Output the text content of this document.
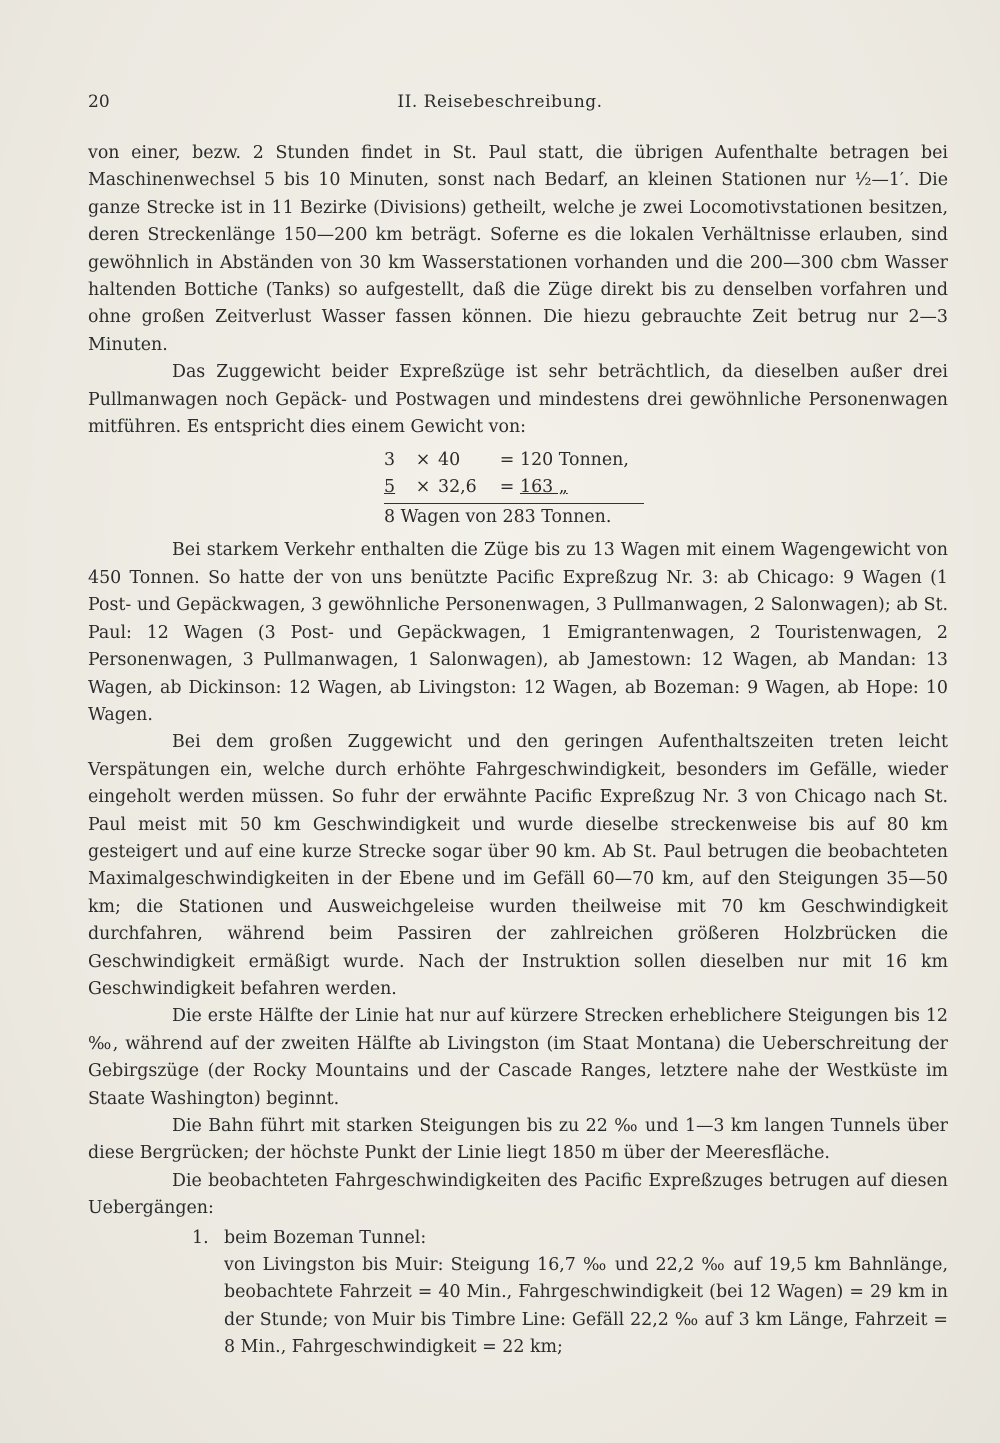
20	II. Reisebeschreibung.

von einer, bezw. 2 Stunden findet in St. Paul statt, die übrigen Aufenthalte betragen bei Maschinenwechsel 5 bis 10 Minuten, sonst nach Bedarf, an kleinen Stationen nur ½—1′. Die ganze Strecke ist in 11 Bezirke (Divisions) getheilt, welche je zwei Locomotivstationen besitzen, deren Streckenlänge 150—200 km beträgt. Soferne es die lokalen Verhältnisse erlauben, sind gewöhnlich in Abständen von 30 km Wasserstationen vorhanden und die 200—300 cbm Wasser haltenden Bottiche (Tanks) so aufgestellt, daß die Züge direkt bis zu denselben vorfahren und ohne großen Zeitverlust Wasser fassen können. Die hiezu gebrauchte Zeit betrug nur 2—3 Minuten.

Das Zuggewicht beider Expreßzüge ist sehr beträchtlich, da dieselben außer drei Pullmanwagen noch Gepäck- und Postwagen und mindestens drei gewöhnliche Personenwagen mitführen. Es entspricht dies einem Gewicht von:

3	× 40	= 120 Tonnen,
5	× 32,6	= 163 „
8 Wagen von 283 Tonnen.

Bei starkem Verkehr enthalten die Züge bis zu 13 Wagen mit einem Wagengewicht von 450 Tonnen. So hatte der von uns benützte Pacific Expreßzug Nr. 3: ab Chicago: 9 Wagen (1 Post- und Gepäckwagen, 3 gewöhnliche Personenwagen, 3 Pullmanwagen, 2 Salonwagen); ab St. Paul: 12 Wagen (3 Post- und Gepäckwagen, 1 Emigrantenwagen, 2 Touristenwagen, 2 Personenwagen, 3 Pullmanwagen, 1 Salonwagen), ab Jamestown: 12 Wagen, ab Mandan: 13 Wagen, ab Dickinson: 12 Wagen, ab Livingston: 12 Wagen, ab Bozeman: 9 Wagen, ab Hope: 10 Wagen.

Bei dem großen Zuggewicht und den geringen Aufenthaltszeiten treten leicht Verspätungen ein, welche durch erhöhte Fahrgeschwindigkeit, besonders im Gefälle, wieder eingeholt werden müssen. So fuhr der erwähnte Pacific Expreßzug Nr. 3 von Chicago nach St. Paul meist mit 50 km Geschwindigkeit und wurde dieselbe streckenweise bis auf 80 km gesteigert und auf eine kurze Strecke sogar über 90 km. Ab St. Paul betrugen die beobachteten Maximalgeschwindigkeiten in der Ebene und im Gefäll 60—70 km, auf den Steigungen 35—50 km; die Stationen und Ausweichgeleise wurden theilweise mit 70 km Geschwindigkeit durchfahren, während beim Passiren der zahlreichen größeren Holzbrücken die Geschwindigkeit ermäßigt wurde. Nach der Instruktion sollen dieselben nur mit 16 km Geschwindigkeit befahren werden.

Die erste Hälfte der Linie hat nur auf kürzere Strecken erheblichere Steigungen bis 12 ‰, während auf der zweiten Hälfte ab Livingston (im Staat Montana) die Ueberschreitung der Gebirgszüge (der Rocky Mountains und der Cascade Ranges, letztere nahe der Westküste im Staate Washington) beginnt.

Die Bahn führt mit starken Steigungen bis zu 22 ‰ und 1—3 km langen Tunnels über diese Bergrücken; der höchste Punkt der Linie liegt 1850 m über der Meeresfläche.

Die beobachteten Fahrgeschwindigkeiten des Pacific Expreßzuges betrugen auf diesen Uebergängen:

1. beim Bozeman Tunnel:
von Livingston bis Muir: Steigung 16,7 ‰ und 22,2 ‰ auf 19,5 km Bahnlänge, beobachtete Fahrzeit = 40 Min., Fahrgeschwindigkeit (bei 12 Wagen) = 29 km in der Stunde; von Muir bis Timbre Line: Gefäll 22,2 ‰ auf 3 km Länge, Fahrzeit = 8 Min., Fahrgeschwindigkeit = 22 km;
